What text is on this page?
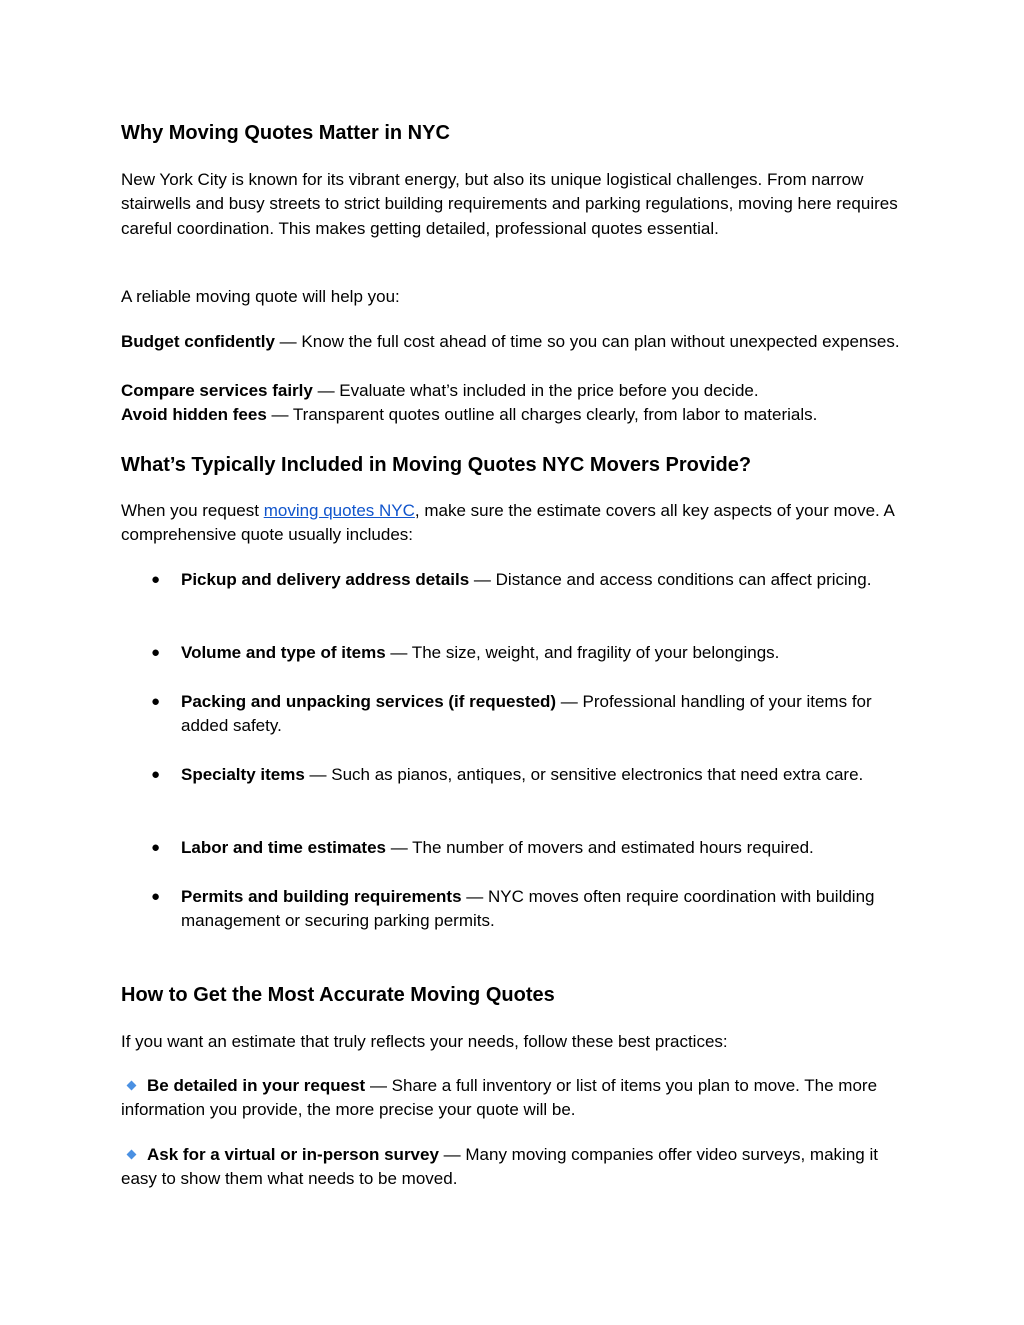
Why Moving Quotes Matter in NYC
New York City is known for its vibrant energy, but also its unique logistical challenges. From narrow stairwells and busy streets to strict building requirements and parking regulations, moving here requires careful coordination. This makes getting detailed, professional quotes essential.
A reliable moving quote will help you:
Budget confidently — Know the full cost ahead of time so you can plan without unexpected expenses.
Compare services fairly — Evaluate what’s included in the price before you decide.
Avoid hidden fees — Transparent quotes outline all charges clearly, from labor to materials.
What’s Typically Included in Moving Quotes NYC Movers Provide?
When you request moving quotes NYC, make sure the estimate covers all key aspects of your move. A comprehensive quote usually includes:
● Pickup and delivery address details — Distance and access conditions can affect pricing.
● Volume and type of items — The size, weight, and fragility of your belongings.
● Packing and unpacking services (if requested) — Professional handling of your items for added safety.
● Specialty items — Such as pianos, antiques, or sensitive electronics that need extra care.
● Labor and time estimates — The number of movers and estimated hours required.
● Permits and building requirements — NYC moves often require coordination with building management or securing parking permits.
How to Get the Most Accurate Moving Quotes
If you want an estimate that truly reflects your needs, follow these best practices:
Be detailed in your request — Share a full inventory or list of items you plan to move. The more information you provide, the more precise your quote will be.
Ask for a virtual or in-person survey — Many moving companies offer video surveys, making it easy to show them what needs to be moved.
